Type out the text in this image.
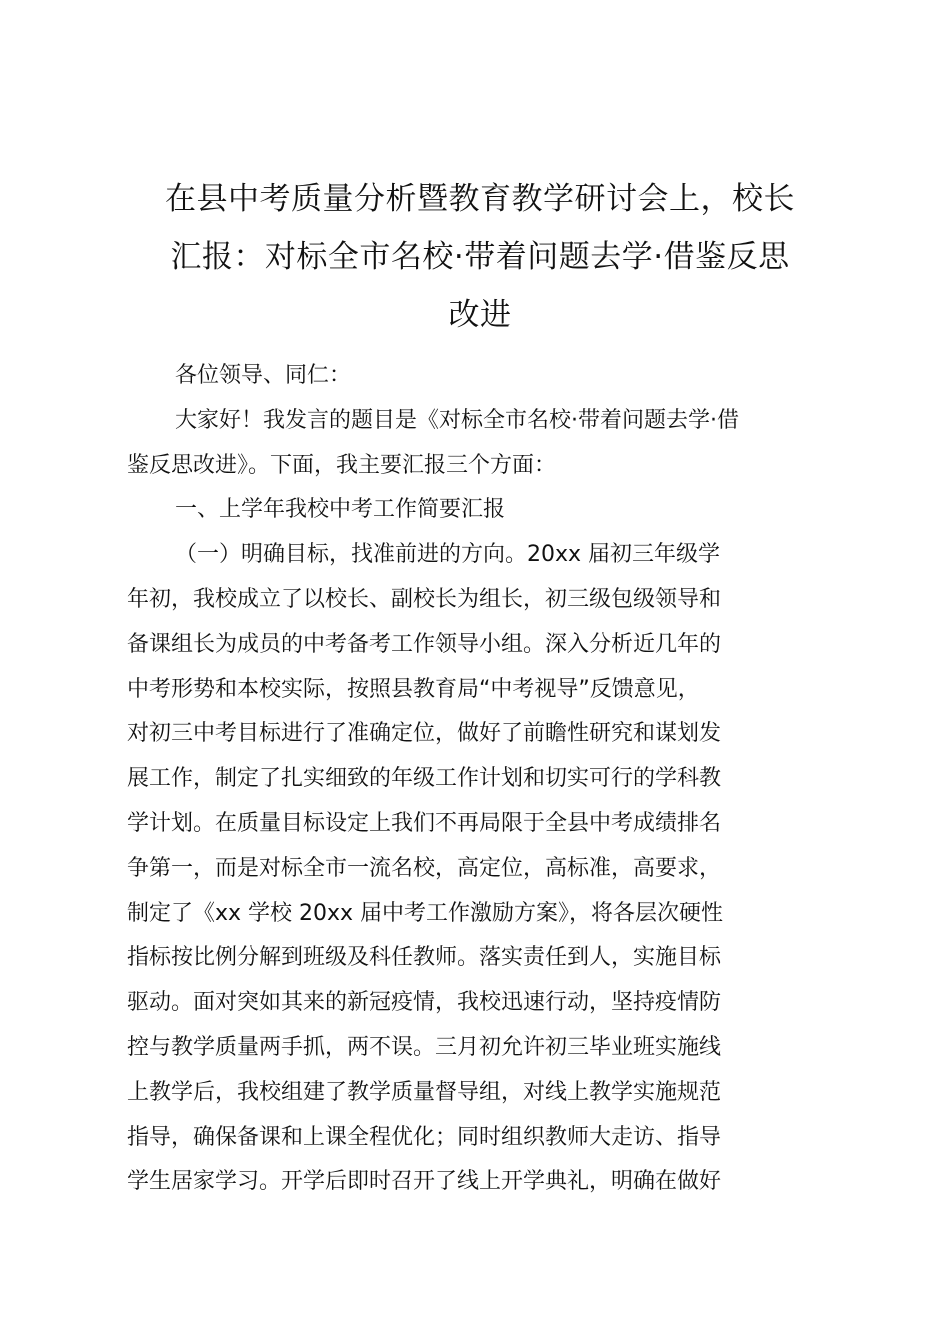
在县中考质量分析暨教育教学研讨会上，校长
汇报：对标全市名校·带着问题去学·借鉴反思
改进

各位领导、同仁：

大家好！我发言的题目是《对标全市名校·带着问题去学·借
鉴反思改进》。下面，我主要汇报三个方面：

一、上学年我校中考工作简要汇报

（一）明确目标，找准前进的方向。20xx 届初三年级学
年初，我校成立了以校长、副校长为组长，初三级包级领导和
备课组长为成员的中考备考工作领导小组。深入分析近几年的
中考形势和本校实际，按照县教育局“中考视导”反馈意见，
对初三中考目标进行了准确定位，做好了前瞻性研究和谋划发
展工作，制定了扎实细致的年级工作计划和切实可行的学科教
学计划。在质量目标设定上我们不再局限于全县中考成绩排名
争第一，而是对标全市一流名校，高定位，高标准，高要求，
制定了《xx 学校 20xx 届中考工作激励方案》，将各层次硬性
指标按比例分解到班级及科任教师。落实责任到人，实施目标
驱动。面对突如其来的新冠疫情，我校迅速行动，坚持疫情防
控与教学质量两手抓，两不误。三月初允许初三毕业班实施线
上教学后，我校组建了教学质量督导组，对线上教学实施规范
指导，确保备课和上课全程优化；同时组织教师大走访、指导
学生居家学习。开学后即时召开了线上开学典礼，明确在做好
